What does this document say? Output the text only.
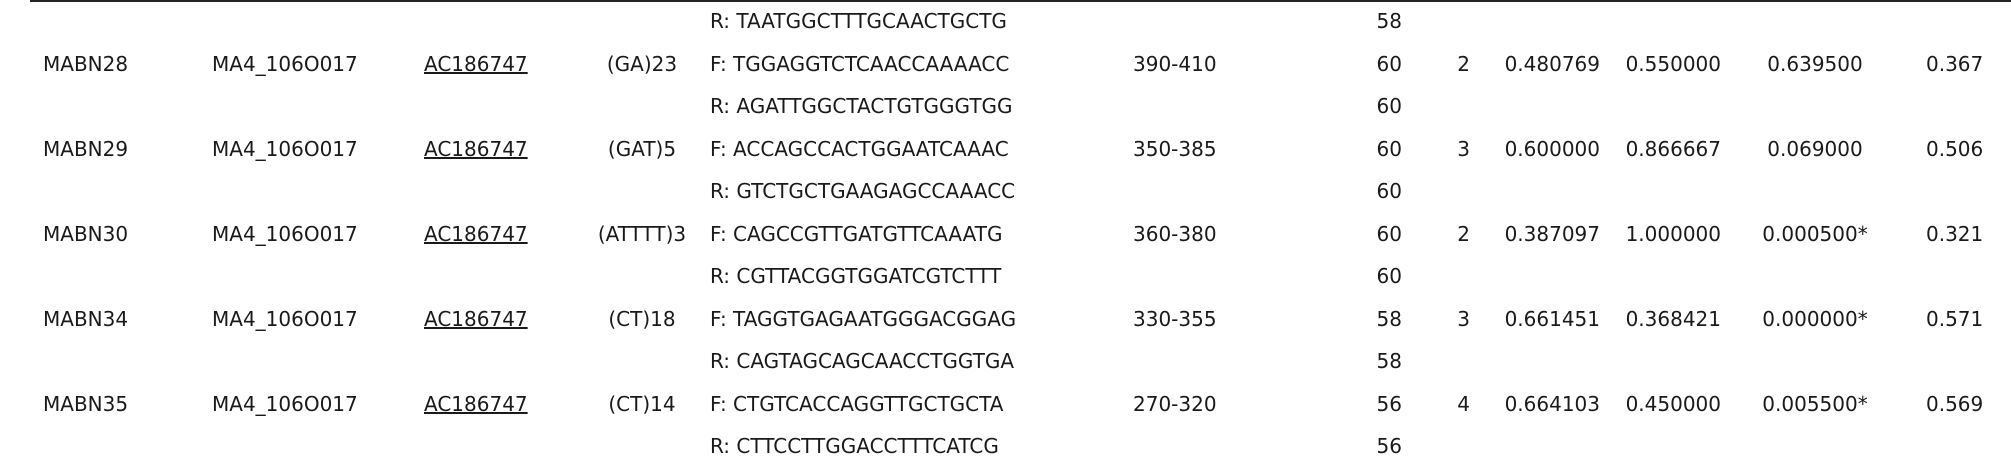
R: TAATGGCTTTGCAACTGCTG	58
MABN28	MA4_106O017	AC186747	(GA)23	F: TGGAGGTCTCAACCAAAACC	390-410	60	2 0.480769	0.550000	0.639500	0.367
R: AGATTGGCTACTGTGGGTGG	60
MABN29	MA4_106O017	AC186747	(GAT)5	F: ACCAGCCACTGGAATCAAAC	350-385	60	3 0.600000	0.866667	0.069000	0.506
R: GTCTGCTGAAGAGCCAAACC	60
MABN30	MA4_106O017	AC186747	(ATTTT)3	F: CAGCCGTTGATGTTCAAATG	360-380	60	2 0.387097	1.000000	0.000500*	0.321
R: CGTTACGGTGGATCGTCTTT	60
MABN34	MA4_106O017	AC186747	(CT)18	F: TAGGTGAGAATGGGACGGAG	330-355	58	3 0.661451	0.368421	0.000000*	0.571
R: CAGTAGCAGCAACCTGGTGA	58
MABN35	MA4_106O017	AC186747	(CT)14	F: CTGTCACCAGGTTGCTGCTA	270-320	56	4 0.664103	0.450000	0.005500*	0.569
R: CTTCCTTGGACCTTTCATCG	56
